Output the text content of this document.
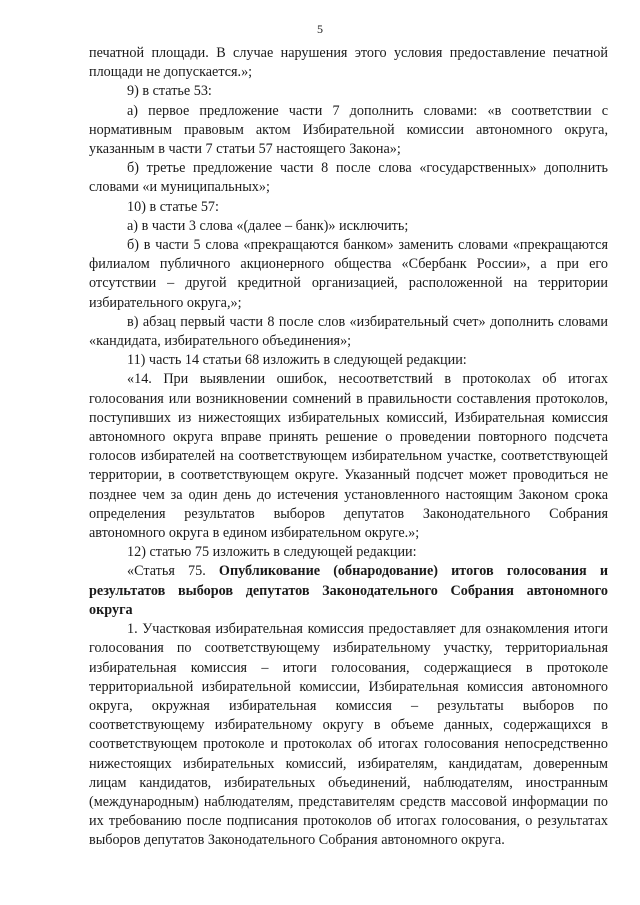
5

печатной площади. В случае нарушения этого условия предоставление печатной площади не допускается.»;

9) в статье 53:

а) первое предложение части 7 дополнить словами: «в соответствии с нормативным правовым актом Избирательной комиссии автономного округа, указанным в части 7 статьи 57 настоящего Закона»;

б) третье предложение части 8 после слова «государственных» дополнить словами «и муниципальных»;

10) в статье 57:

а) в части 3 слова «(далее – банк)» исключить;

б) в части 5 слова «прекращаются банком» заменить словами «прекращаются филиалом публичного акционерного общества «Сбербанк России», а при его отсутствии – другой кредитной организацией, расположенной на территории избирательного округа,»;

в) абзац первый части 8 после слов «избирательный счет» дополнить словами «кандидата, избирательного объединения»;

11) часть 14 статьи 68 изложить в следующей редакции:

«14. При выявлении ошибок, несоответствий в протоколах об итогах голосования или возникновении сомнений в правильности составления протоколов, поступивших из нижестоящих избирательных комиссий, Избирательная комиссия автономного округа вправе принять решение о проведении повторного подсчета голосов избирателей на соответствующем избирательном участке, соответствующей территории, в соответствующем округе. Указанный подсчет может проводиться не позднее чем за один день до истечения установленного настоящим Законом срока определения результатов выборов депутатов Законодательного Собрания автономного округа в едином избирательном округе.»;

12) статью 75 изложить в следующей редакции:

«Статья 75. Опубликование (обнародование) итогов голосования и результатов выборов депутатов Законодательного Собрания автономного округа

1. Участковая избирательная комиссия предоставляет для ознакомления итоги голосования по соответствующему избирательному участку, территориальная избирательная комиссия – итоги голосования, содержащиеся в протоколе территориальной избирательной комиссии, Избирательная комиссия автономного округа, окружная избирательная комиссия – результаты выборов по соответствующему избирательному округу в объеме данных, содержащихся в соответствующем протоколе и протоколах об итогах голосования непосредственно нижестоящих избирательных комиссий, избирателям, кандидатам, доверенным лицам кандидатов, избирательных объединений, наблюдателям, иностранным (международным) наблюдателям, представителям средств массовой информации по их требованию после подписания протоколов об итогах голосования, о результатах выборов депутатов Законодательного Собрания автономного округа.
